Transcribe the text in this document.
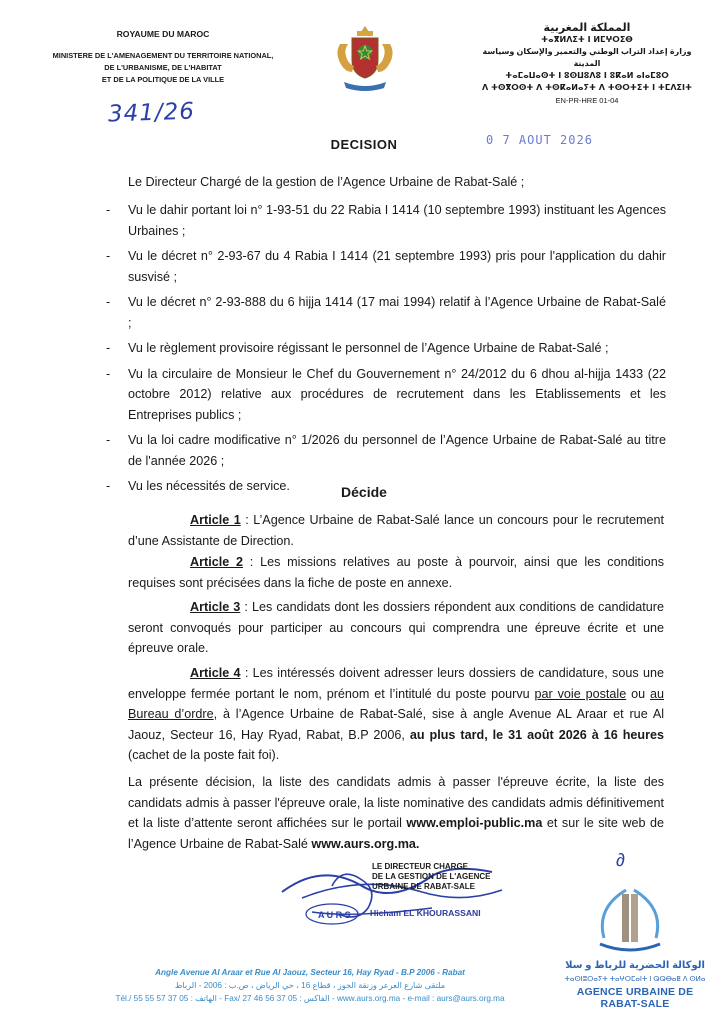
ROYAUME DU MAROC
MINISTERE DE L'AMENAGEMENT DU TERRITOIRE NATIONAL,
DE L'URBANISME, DE L'HABITAT
ET DE LA POLITIQUE DE LA VILLE
341/26
المملكة المغربية
ⵜⴰⴳⵍⴷⵉⵜ ⵏ ⵍⵎⵖⵔⵉⴱ
وزارة إعداد التراب الوطني والتعمير والإسكان وسياسة المدينة
ⵜⴰⵎⴰⵡⴰⵙⵜ ⵏ ⵓⵙⵡⵓⴷⵓ ⵏ ⵓⴽⴰⵍ ⴰⵏⴰⵎⵓⵔ
ⴷ ⵜⵙⴳⵔⵙⵜ ⴷ ⵜⵙⴽⴰⵍⴰⵢⵜ ⴷ ⵜⵙⵔⵜⵉⵜ ⵏ ⵜⵎⴷⵉⵏⵜ
EN-PR-HRE 01-04
DECISION	0 7 AOUT 2026
Le Directeur Chargé de la gestion de l’Agence Urbaine de Rabat-Salé ;
- Vu le dahir portant loi n° 1-93-51 du 22 Rabia I 1414 (10 septembre 1993) instituant les Agences Urbaines ;
- Vu le décret n° 2-93-67 du 4 Rabia I 1414 (21 septembre 1993) pris pour l'application du dahir susvisé ;
- Vu le décret n° 2-93-888 du 6 hijja 1414 (17 mai 1994) relatif à l’Agence Urbaine de Rabat-Salé ;
- Vu le règlement provisoire régissant le personnel de l’Agence Urbaine de Rabat-Salé ;
- Vu la circulaire de Monsieur le Chef du Gouvernement n° 24/2012 du 6 dhou al-hijja 1433 (22 octobre 2012) relative aux procédures de recrutement dans les Etablissements et les Entreprises publics ;
- Vu la loi cadre modificative n° 1/2026 du personnel de l’Agence Urbaine de Rabat-Salé au titre de l'année 2026 ;
- Vu les nécessités de service.	Décide
Article 1 : L’Agence Urbaine de Rabat-Salé lance un concours pour le recrutement d’une Assistante de Direction.
Article 2 : Les missions relatives au poste à pourvoir, ainsi que les conditions requises sont précisées dans la fiche de poste en annexe.
Article 3 : Les candidats dont les dossiers répondent aux conditions de candidature seront convoqués pour participer au concours qui comprendra une épreuve écrite et une épreuve orale.
Article 4 : Les intéressés doivent adresser leurs dossiers de candidature, sous une enveloppe fermée portant le nom, prénom et l’intitulé du poste pourvu par voie postale ou au Bureau d’ordre, à l’Agence Urbaine de Rabat-Salé, sise à angle Avenue AL Araar et rue Al Jaouz, Secteur 16, Hay Ryad, Rabat, B.P 2006, au plus tard, le 31 août 2026 à 16 heures (cachet de la poste fait foi).
La présente décision, la liste des candidats admis à passer l'épreuve écrite, la liste des candidats admis à passer l'épreuve orale, la liste nominative des candidats admis définitivement et la liste d’attente seront affichées sur le portail www.emploi-public.ma et sur le site web de l’Agence Urbaine de Rabat-Salé www.aurs.org.ma.
A U R S
LE DIRECTEUR CHARGE
DE LA GESTION DE L'AGENCE
URBAINE DE RABAT-SALE
Hicham EL KHOURASSANI
∂
Angle Avenue Al Araar et Rue Al Jaouz, Secteur 16, Hay Ryad - B.P 2006 - Rabat
ملتقى شارع العرعر وزنقة الجوز ، قطاع 16 ، حي الرياض ، ص.ب : 2006 - الرباط
Tél./ الهاتف : 05 37 57 55 55 - Fax/ الفاكس : 05 37 56 46 27 - www.aurs.org.ma - e-mail : aurs@aurs.org.ma
الوكالة الحضرية للرباط و سلا
ⵜⴰⵙⵏⵓⵔⴰⵢⵜ ⵜⴰⵖⵔⵎⴰⵏⵜ ⵏ ⵕⵕⴱⴰⵟ ⴷ ⵙⵍⴰ
AGENCE URBAINE DE RABAT-SALE
